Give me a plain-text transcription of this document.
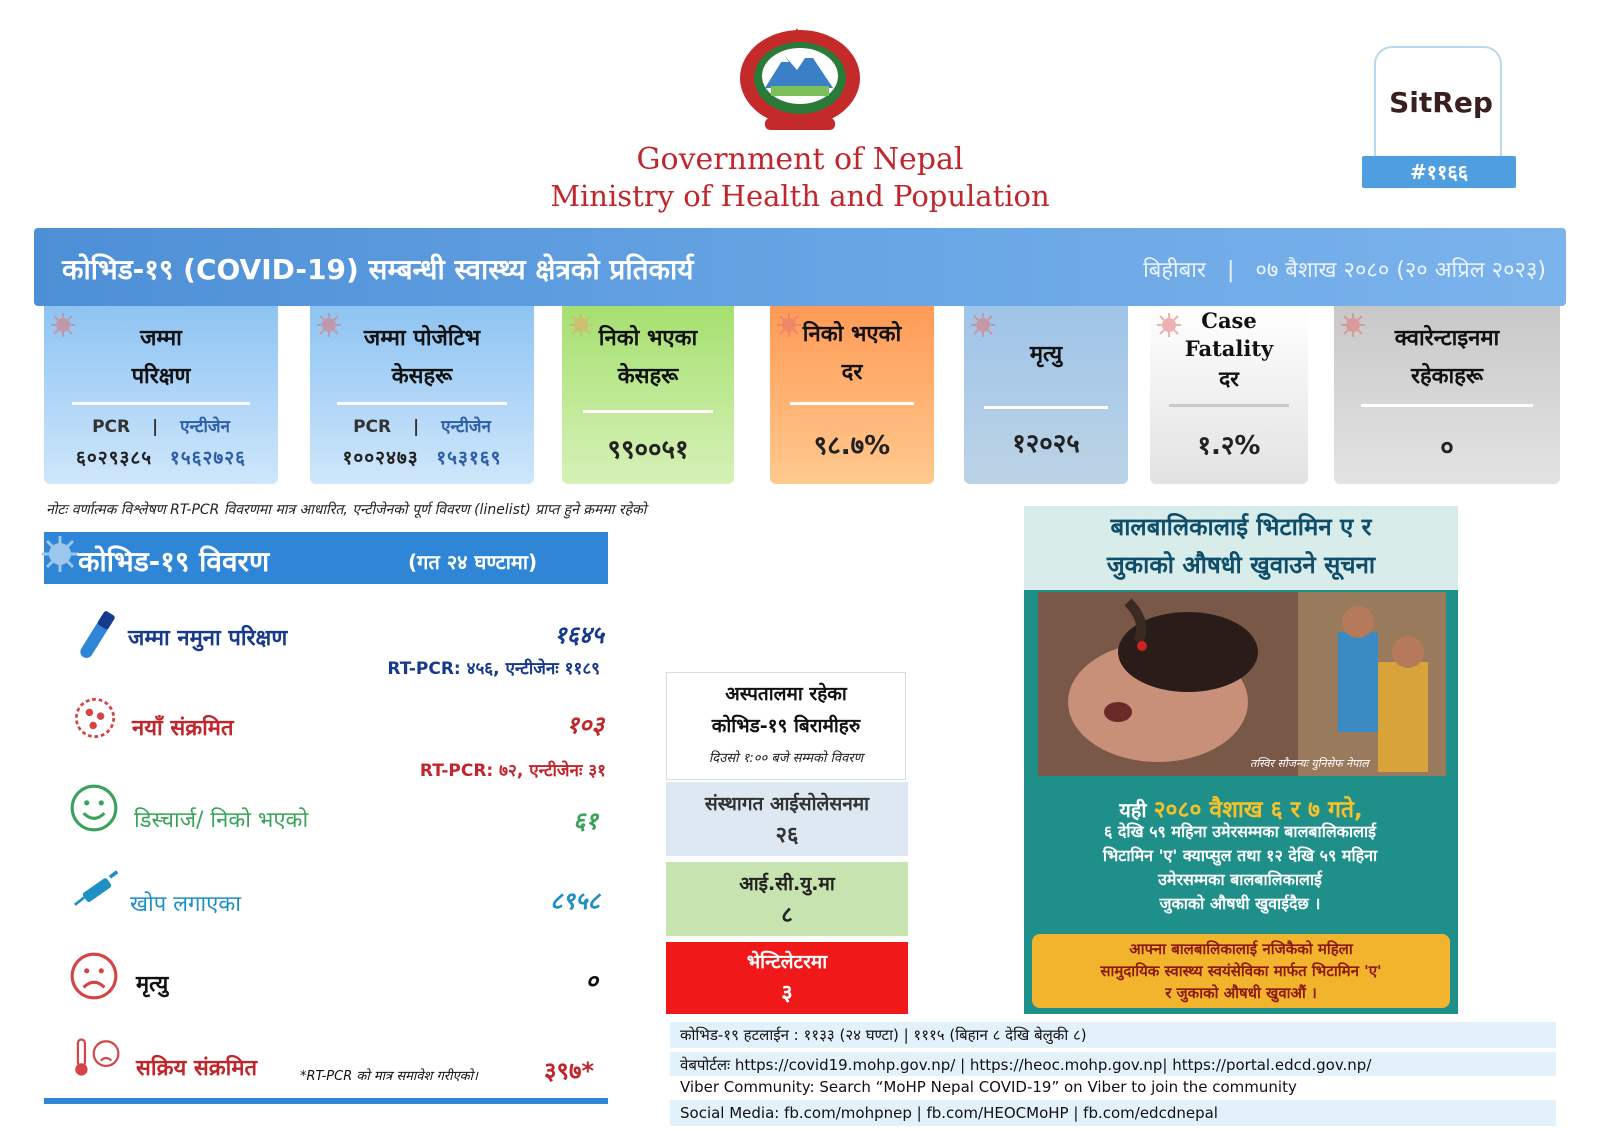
Government of Nepal
Ministry of Health and Population
SitRep
#११६६
कोभिड-१९ (COVID-19) सम्बन्धी स्वास्थ्य क्षेत्रको प्रतिकार्य	बिहीबार | ०७ बैशाख २०८० (२० अप्रिल २०२३)
जम्मा
परिक्षण
PCR | एन्टीजेन
६०२९३८५ १५६२७२६
जम्मा पोजेटिभ
केसहरू
PCR | एन्टीजेन
१००२४७३ १५३१६९
निको भएका
केसहरू
९९००५१
निको भएको
दर
९८.७%
मृत्यु
१२०२५
Case
Fatality
दर
१.२%
क्वारेन्टाइनमा
रहेकाहरू
०
नोटः वर्णात्मक विश्लेषण RT-PCR विवरणमा मात्र आधारित, एन्टीजेनको पूर्ण विवरण (linelist) प्राप्त हुने क्रममा रहेको
कोभिड-१९ विवरण	(गत २४ घण्टामा)
जम्मा नमुना परिक्षण	१६४५
RT-PCR: ४५६, एन्टीजेनः ११८९
नयाँ संक्रमित	१०३
RT-PCR: ७२, एन्टीजेनः ३१
डिस्चार्ज/ निको भएको	६१
खोप लगाएका	८९५८
मृत्यु	०
सक्रिय संक्रमित	*RT-PCR को मात्र समावेश गरीएको।	३९७*
अस्पतालमा रहेका
कोभिड-१९ बिरामीहरु
दिउसो १:०० बजे सम्मको विवरण
संस्थागत आईसोलेसनमा
२६
आई.सी.यु.मा
८
भेन्टिलेटरमा
३
बालबालिकालाई भिटामिन ए र
जुकाको औषधी खुवाउने सूचना
तस्विर सौजन्यः युनिसेफ नेपाल
यही २०८० वैशाख ६ र ७ गते,
६ देखि ५९ महिना उमेरसम्मका बालबालिकालाई
भिटामिन 'ए' क्याप्सुल तथा १२ देखि ५९ महिना
उमेरसम्मका बालबालिकालाई
जुकाको औषधी खुवाईदैछ ।
आफ्ना बालबालिकालाई नजिकैको महिला
सामुदायिक स्वास्थ्य स्वयंसेविका मार्फत भिटामिन 'ए'
र जुकाको औषधी खुवाऔं ।
कोभिड-१९ हटलाईन : ११३३ (२४ घण्टा) | १११५ (बिहान ८ देखि बेलुकी ८)
वेबपोर्टलः https://covid19.mohp.gov.np/ | https://heoc.mohp.gov.np| https://portal.edcd.gov.np/
Viber Community: Search “MoHP Nepal COVID-19” on Viber to join the community
Social Media: fb.com/mohpnep | fb.com/HEOCMoHP | fb.com/edcdnepal
